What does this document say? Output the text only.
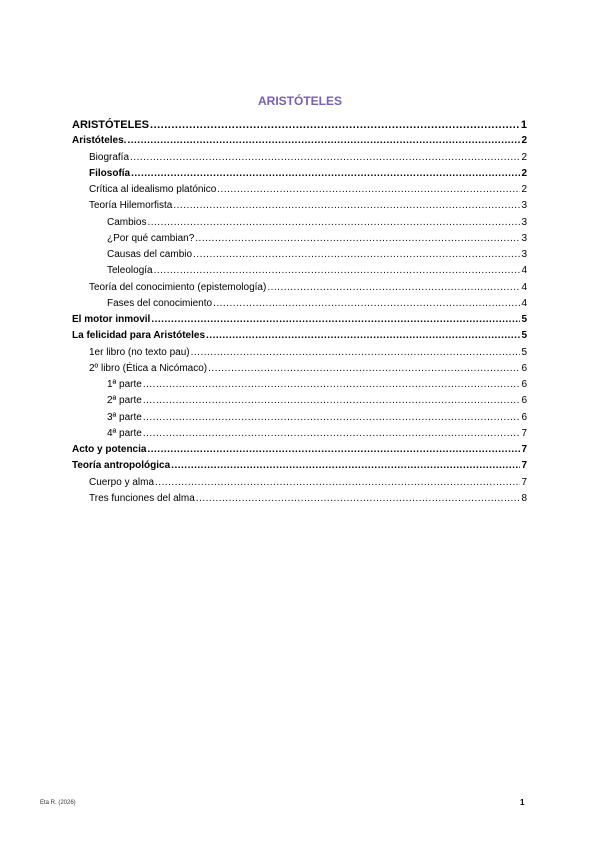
ARISTÓTELES
ARISTÓTELES .....	1
Aristóteles. .....	2
Biografía .....	2
Filosofía .....	2
Crítica al idealismo platónico .....	2
Teoría Hilemorfista .....	3
Cambios .....	3
¿Por qué cambian? .....	3
Causas del cambio .....	3
Teleología .....	4
Teoría del conocimiento (epistemología) .....	4
Fases del conocimiento .....	4
El motor inmovil .....	5
La felicidad para Aristóteles .....	5
1er libro (no texto pau) .....	5
2º libro (Ética a Nicómaco) .....	6
1ª parte .....	6
2ª parte .....	6
3ª parte .....	6
4ª parte .....	7
Acto y potencia .....	7
Teoría antropológica .....	7
Cuerpo y alma .....	7
Tres funciones del alma .....	8
Eta R. (2026)	1
